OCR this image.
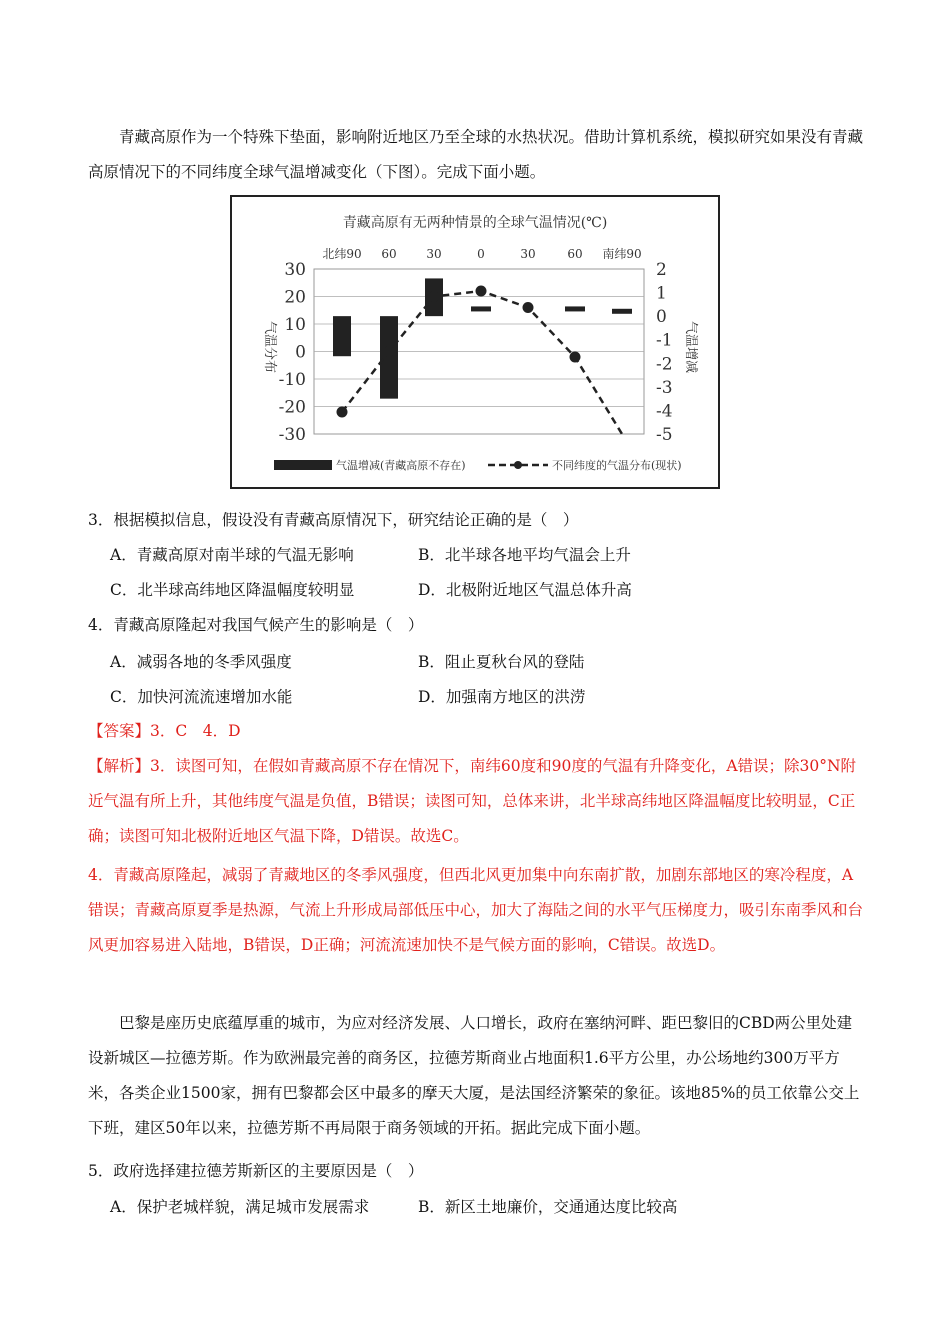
青藏高原作为一个特殊下垫面，影响附近地区乃至全球的水热状况。借助计算机系统，模拟研究如果没有青藏高原情况下的不同纬度全球气温增减变化（下图）。完成下面小题。

青藏高原有无两种情景的全球气温情况(℃)
北纬90 60 30	0	30	60 南纬90
30
20
10
0
-10
-20
-30
2
1
0
-1
-2
-3
-4
-5
气温分布	气温增减
气温增减(青藏高原不存在)	不同纬度的气温分布(现状)

3．根据模拟信息，假设没有青藏高原情况下，研究结论正确的是（　）

A．青藏高原对南半球的气温无影响	B．北半球各地平均气温会上升

C．北半球高纬地区降温幅度较明显	D．北极附近地区气温总体升高

4．青藏高原隆起对我国气候产生的影响是（　）

A．减弱各地的冬季风强度	B．阻止夏秋台风的登陆

C．加快河流流速增加水能	D．加强南方地区的洪涝

【答案】3．C　4．D

【解析】3．读图可知，在假如青藏高原不存在情况下，南纬60度和90度的气温有升降变化，A错误；除30°N附近气温有所上升，其他纬度气温是负值，B错误；读图可知，总体来讲，北半球高纬地区降温幅度比较明显，C正确；读图可知北极附近地区气温下降，D错误。故选C。

4．青藏高原隆起，减弱了青藏地区的冬季风强度，但西北风更加集中向东南扩散，加剧东部地区的寒冷程度，A错误；青藏高原夏季是热源，气流上升形成局部低压中心，加大了海陆之间的水平气压梯度力，吸引东南季风和台风更加容易进入陆地，B错误，D正确；河流流速加快不是气候方面的影响，C错误。故选D。

巴黎是座历史底蕴厚重的城市，为应对经济发展、人口增长，政府在塞纳河畔、距巴黎旧的CBD两公里处建设新城区—拉德芳斯。作为欧洲最完善的商务区，拉德芳斯商业占地面积1.6平方公里，办公场地约300万平方米，各类企业1500家，拥有巴黎都会区中最多的摩天大厦，是法国经济繁荣的象征。该地85%的员工依靠公交上下班，建区50年以来，拉德芳斯不再局限于商务领域的开拓。据此完成下面小题。

5．政府选择建拉德芳斯新区的主要原因是（　）

A．保护老城样貌，满足城市发展需求	B．新区土地廉价，交通通达度比较高
